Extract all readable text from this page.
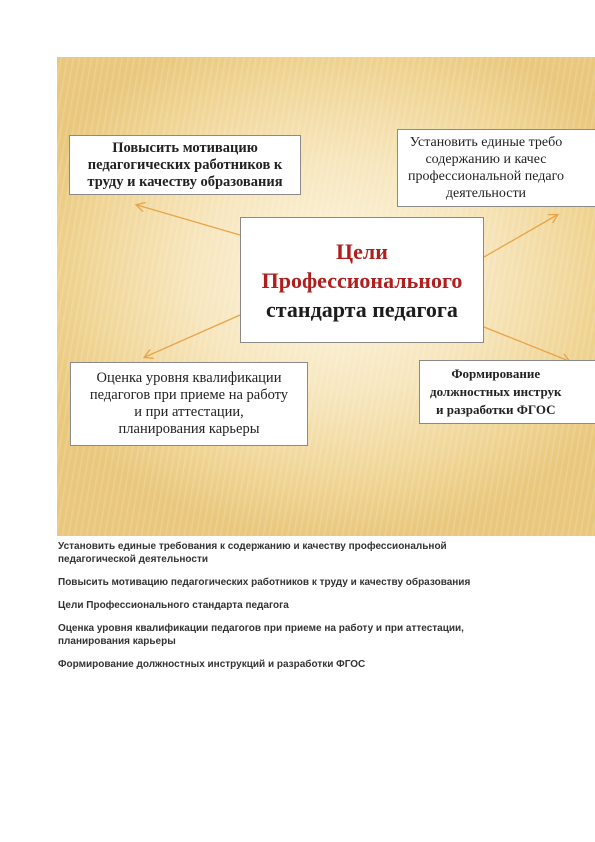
Повысить мотивацию
педагогических работников к
труду и качеству образования
Установить единые требо
содержанию и качес
профессиональной педаго
деятельности
Цели
Профессионального
стандарта педагога
Оценка уровня квалификации
педагогов при приеме на работу
и при аттестации,
планирования карьеры
Формирование
должностных инструк
и разработки ФГОС

Установить единые требования к содержанию и качеству профессиональной педагогической деятельности

Повысить мотивацию педагогических работников к труду и качеству образования

Цели Профессионального стандарта педагога

Оценка уровня квалификации педагогов при приеме на работу и при аттестации, планирования карьеры

Формирование должностных инструкций и разработки ФГОС
